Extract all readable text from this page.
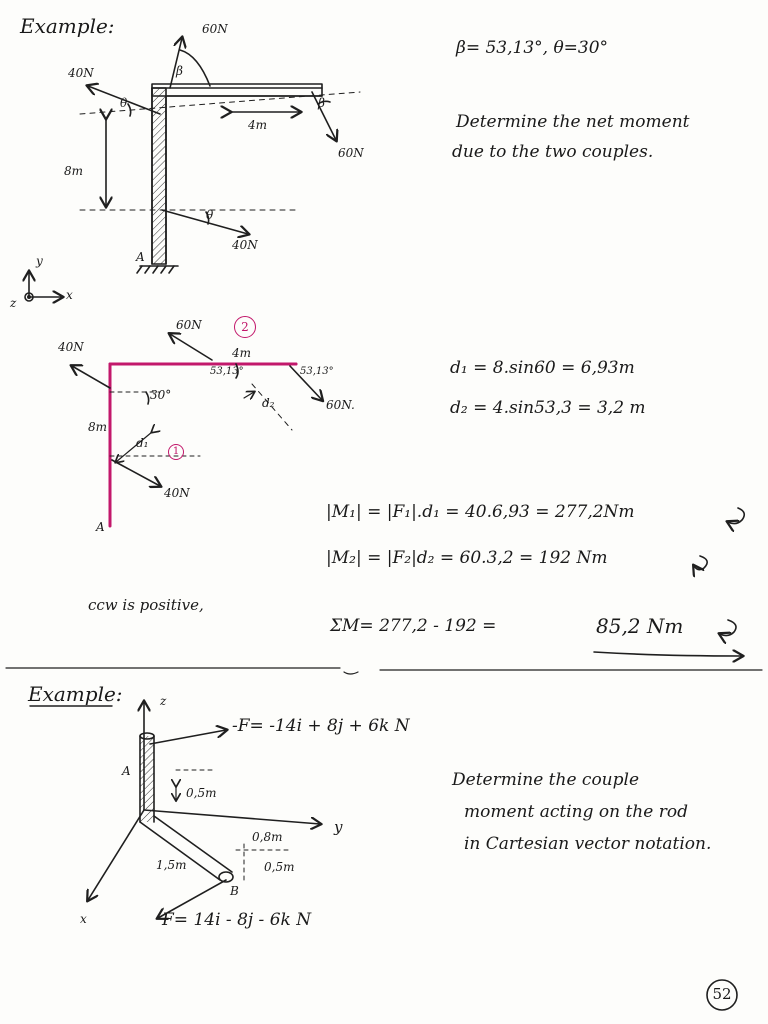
Example:	60N
40N
60N
40N
4m
8m
A
β
β
θ
θ
y
x
z
β= 53,13°, θ=30°
Determine the net moment
due to the two couples.
60N	2
4m
53,13°	53,13°
40N
30°
d₂	60N.
8m
d₁
1
40N
A
d₁ = 8.sin60 = 6,93m
d₂ = 4.sin53,3 = 3,2 m
|M₁| = |F₁|.d₁ = 40.6,93 = 277,2Nm
|M₂| = |F₂|d₂ = 60.3,2 = 192 Nm
ccw is positive,
ΣM= 277,2 - 192 =	85,2 Nm
Example:	z
y
x
-F= -14i + 8j + 6k N
A
0,5m
0,8m
0,5m
1,5m
B
F= 14i - 8j - 6k N
Determine the couple
moment acting on the rod
in Cartesian vector notation.
52
